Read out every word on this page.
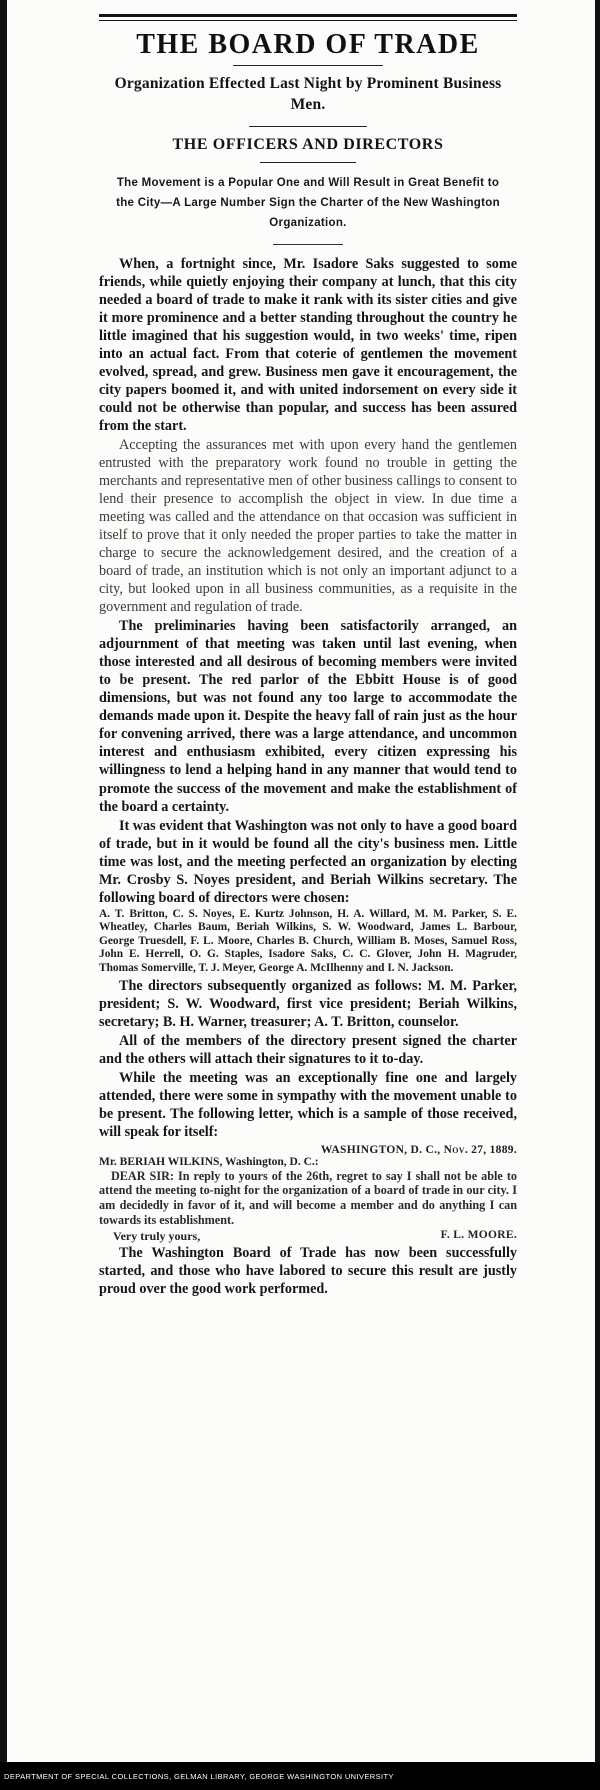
THE BOARD OF TRADE
Organization Effected Last Night by Prominent Business Men.
THE OFFICERS AND DIRECTORS
The Movement is a Popular One and Will Result in Great Benefit to the City—A Large Number Sign the Charter of the New Washington Organization.

When, a fortnight since, Mr. Isadore Saks suggested to some friends, while quietly enjoying their company at lunch, that this city needed a board of trade to make it rank with its sister cities and give it more prominence and a better standing throughout the country he little imagined that his suggestion would, in two weeks' time, ripen into an actual fact. From that coterie of gentlemen the movement evolved, spread, and grew. Business men gave it encouragement, the city papers boomed it, and with united indorsement on every side it could not be otherwise than popular, and success has been assured from the start.

Accepting the assurances met with upon every hand the gentlemen entrusted with the preparatory work found no trouble in getting the merchants and representative men of other business callings to consent to lend their presence to accomplish the object in view. In due time a meeting was called and the attendance on that occasion was sufficient in itself to prove that it only needed the proper parties to take the matter in charge to secure the acknowledgement desired, and the creation of a board of trade, an institution which is not only an important adjunct to a city, but looked upon in all business communities, as a requisite in the government and regulation of trade.

The preliminaries having been satisfactorily arranged, an adjournment of that meeting was taken until last evening, when those interested and all desirous of becoming members were invited to be present. The red parlor of the Ebbitt House is of good dimensions, but was not found any too large to accommodate the demands made upon it. Despite the heavy fall of rain just as the hour for convening arrived, there was a large attendance, and uncommon interest and enthusiasm exhibited, every citizen expressing his willingness to lend a helping hand in any manner that would tend to promote the success of the movement and make the establishment of the board a certainty.

It was evident that Washington was not only to have a good board of trade, but in it would be found all the city's business men. Little time was lost, and the meeting perfected an organization by electing Mr. Crosby S. Noyes president, and Beriah Wilkins secretary. The following board of directors were chosen:

A. T. Britton, C. S. Noyes, E. Kurtz Johnson, H. A. Willard, M. M. Parker, S. E. Wheatley, Charles Baum, Beriah Wilkins, S. W. Woodward, James L. Barbour, George Truesdell, F. L. Moore, Charles B. Church, William B. Moses, Samuel Ross, John E. Herrell, O. G. Staples, Isadore Saks, C. C. Glover, John H. Magruder, Thomas Somerville, T. J. Meyer, George A. McIlhenny and I. N. Jackson.

The directors subsequently organized as follows: M. M. Parker, president; S. W. Woodward, first vice president; Beriah Wilkins, secretary; B. H. Warner, treasurer; A. T. Britton, counselor.

All of the members of the directory present signed the charter and the others will attach their signatures to it to-day.

While the meeting was an exceptionally fine one and largely attended, there were some in sympathy with the movement unable to be present. The following letter, which is a sample of those received, will speak for itself:

WASHINGTON, D. C., Nov. 27, 1889.
Mr. BERIAH WILKINS, Washington, D. C.:

DEAR SIR: In reply to yours of the 26th, regret to say I shall not be able to attend the meeting to-night for the organization of a board of trade in our city. I am decidedly in favor of it, and will become a member and do anything I can towards its establishment.

Very truly yours,	F. L. MOORE.

The Washington Board of Trade has now been successfully started, and those who have labored to secure this result are justly proud over the good work performed.

DEPARTMENT OF SPECIAL COLLECTIONS, GELMAN LIBRARY, GEORGE WASHINGTON UNIVERSITY
